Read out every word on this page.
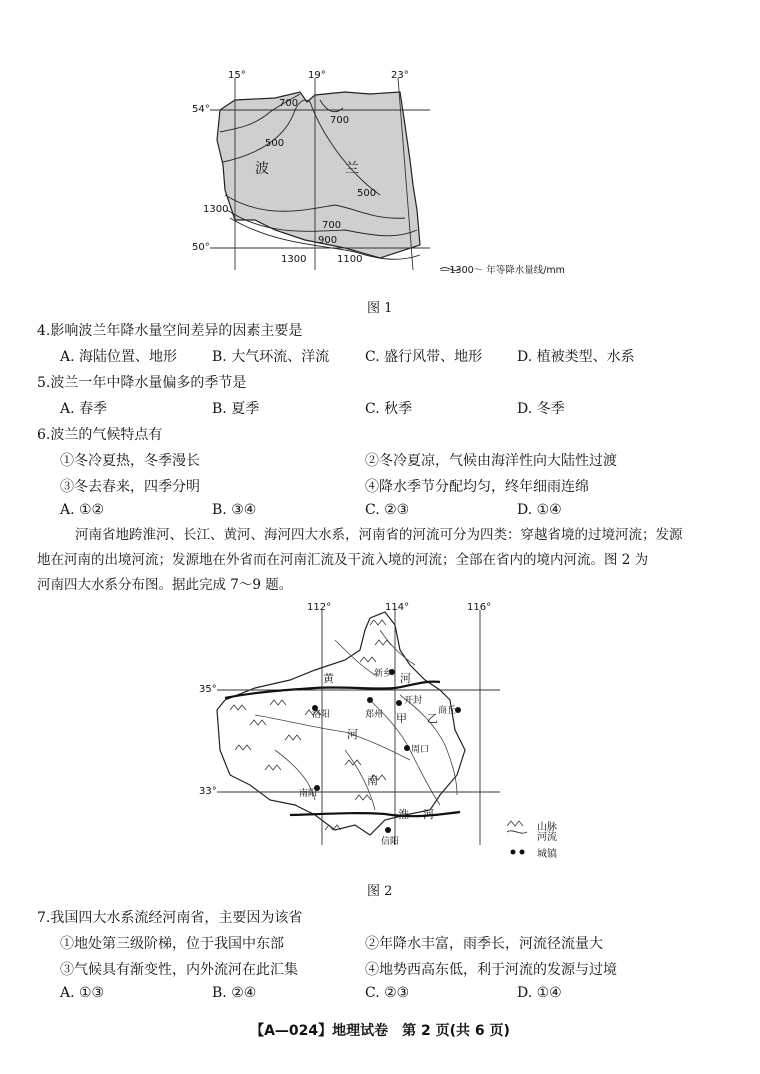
15°	19°	23°
54°
50°
波	兰
700
700
500
500
1300
700
900
1300	1100
—1300～ 年等降水量线/mm
图 1
4.影响波兰年降水量空间差异的因素主要是
A. 海陆位置、地形 B. 大气环流、洋流	C. 盛行风带、地形 D. 植被类型、水系
5.波兰一年中降水量偏多的季节是
A. 春季	B. 夏季	C. 秋季	D. 冬季
6.波兰的气候特点有
①冬冷夏热，冬季漫长	②冬冷夏凉，气候由海洋性向大陆性过渡
③冬去春来，四季分明	④降水季节分配均匀，终年细雨连绵
A. ①②	B. ③④	C. ②③	D. ①④
河南省地跨淮河、长江、黄河、海河四大水系，河南省的河流可分为四类：穿越省境的过境河流；发源
地在河南的出境河流；发源地在外省而在河南汇流及干流入境的河流；全部在省内的境内河流。图 2 为
河南四大水系分布图。据此完成 7～9 题。
112°	114°	116°
35°
33°
新乡
开封
洛阳	郑州	商丘
周口
南阳
信阳
黄	河
淮 河
甲 乙
河
南
山脉
河流
城镇
图 2
7.我国四大水系流经河南省，主要因为该省
①地处第三级阶梯，位于我国中东部	②年降水丰富，雨季长，河流径流量大
③气候具有渐变性，内外流河在此汇集	④地势西高东低，利于河流的发源与过境
A. ①③	B. ②④	C. ②③	D. ①④
【A—024】地理试卷　第 2 页(共 6 页)
